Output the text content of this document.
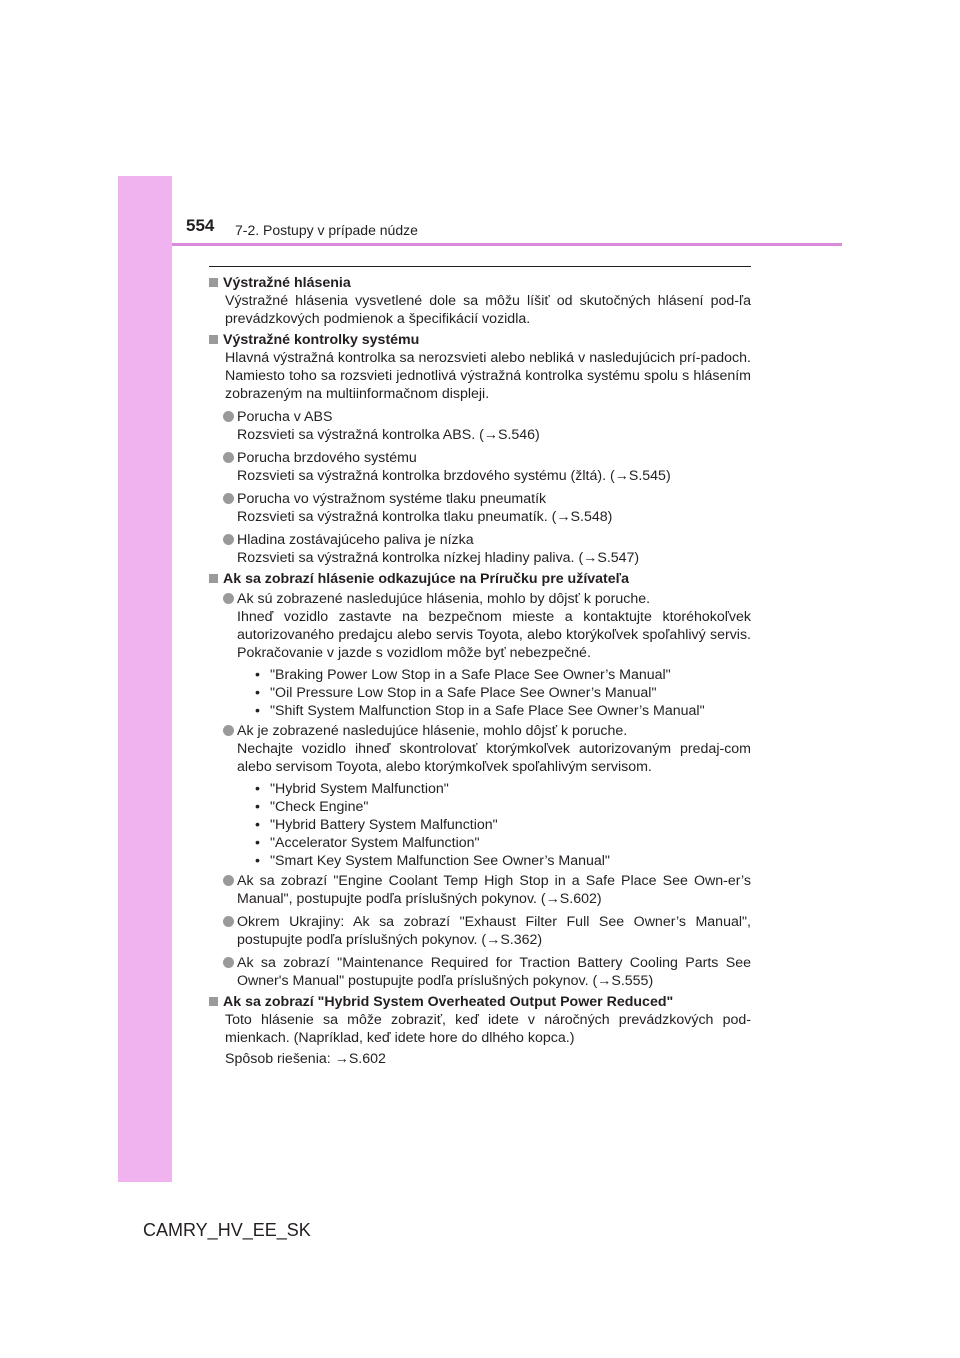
554 7-2. Postupy v prípade núdze
Výstražné hlásenia
Výstražné hlásenia vysvetlené dole sa môžu líšiť od skutočných hlásení pod-ľa prevádzkových podmienok a špecifikácií vozidla.
Výstražné kontrolky systému
Hlavná výstražná kontrolka sa nerozsvieti alebo nebliká v nasledujúcich prí-padoch. Namiesto toho sa rozsvieti jednotlivá výstražná kontrolka systému spolu s hlásením zobrazeným na multiinformačnom displeji.
Porucha v ABS
Rozsvieti sa výstražná kontrolka ABS. (→S.546)
Porucha brzdového systému
Rozsvieti sa výstražná kontrolka brzdového systému (žltá). (→S.545)
Porucha vo výstražnom systéme tlaku pneumatík
Rozsvieti sa výstražná kontrolka tlaku pneumatík. (→S.548)
Hladina zostávajúceho paliva je nízka
Rozsvieti sa výstražná kontrolka nízkej hladiny paliva. (→S.547)
Ak sa zobrazí hlásenie odkazujúce na Príručku pre užívateľa
Ak sú zobrazené nasledujúce hlásenia, mohlo by dôjsť k poruche.
Ihneď vozidlo zastavte na bezpečnom mieste a kontaktujte ktoréhokoľvek autorizovaného predajcu alebo servis Toyota, alebo ktorýkoľvek spoľahlivý servis. Pokračovanie v jazde s vozidlom môže byť nebezpečné.
• "Braking Power Low Stop in a Safe Place See Owner’s Manual"
• "Oil Pressure Low Stop in a Safe Place See Owner’s Manual"
• "Shift System Malfunction Stop in a Safe Place See Owner’s Manual"
Ak je zobrazené nasledujúce hlásenie, mohlo dôjsť k poruche.
Nechajte vozidlo ihneď skontrolovať ktorýmkoľvek autorizovaným predaj-com alebo servisom Toyota, alebo ktorýmkoľvek spoľahlivým servisom.
• "Hybrid System Malfunction"
• "Check Engine"
• "Hybrid Battery System Malfunction"
• "Accelerator System Malfunction"
• "Smart Key System Malfunction See Owner’s Manual"
Ak sa zobrazí "Engine Coolant Temp High Stop in a Safe Place See Own-er’s Manual", postupujte podľa príslušných pokynov. (→S.602)
Okrem Ukrajiny: Ak sa zobrazí "Exhaust Filter Full See Owner’s Manual", postupujte podľa príslušných pokynov. (→S.362)
Ak sa zobrazí "Maintenance Required for Traction Battery Cooling Parts See Owner's Manual" postupujte podľa príslušných pokynov. (→S.555)
Ak sa zobrazí "Hybrid System Overheated Output Power Reduced"
Toto hlásenie sa môže zobraziť, keď idete v náročných prevádzkových pod-mienkach. (Napríklad, keď idete hore do dlhého kopca.)
Spôsob riešenia: →S.602
CAMRY_HV_EE_SK
